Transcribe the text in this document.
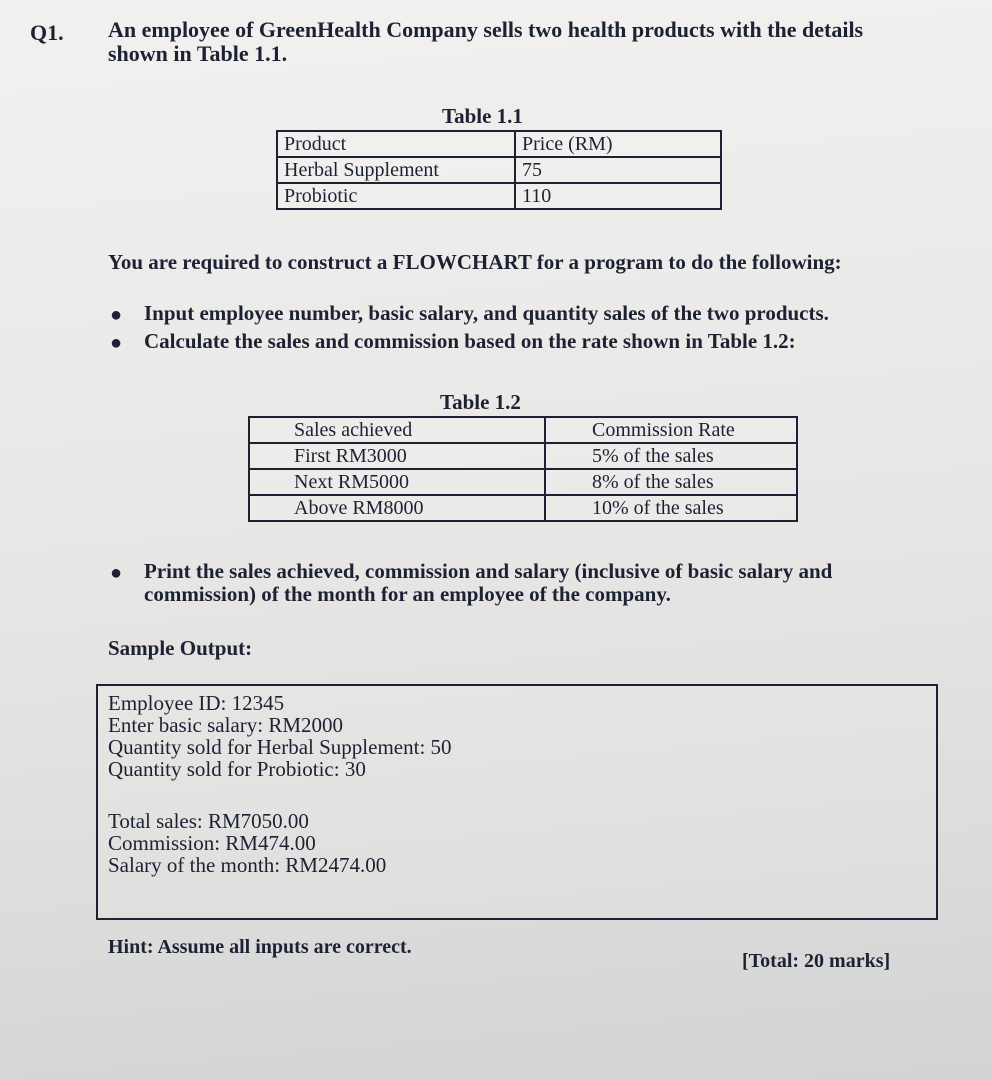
Q1. An employee of GreenHealth Company sells two health products with the details
shown in Table 1.1.
Table 1.1
Product	Price (RM)
Herbal Supplement	75
Probiotic	110
You are required to construct a FLOWCHART for a program to do the following:
● Input employee number, basic salary, and quantity sales of the two products.
● Calculate the sales and commission based on the rate shown in Table 1.2:
Table 1.2
Sales achieved	Commission Rate
First RM3000	5% of the sales
Next RM5000	8% of the sales
Above RM8000	10% of the sales
● Print the sales achieved, commission and salary (inclusive of basic salary and
commission) of the month for an employee of the company.
Sample Output:
Employee ID: 12345
Enter basic salary: RM2000
Quantity sold for Herbal Supplement: 50
Quantity sold for Probiotic: 30
Total sales: RM7050.00
Commission: RM474.00
Salary of the month: RM2474.00
Hint: Assume all inputs are correct.
[Total: 20 marks]
